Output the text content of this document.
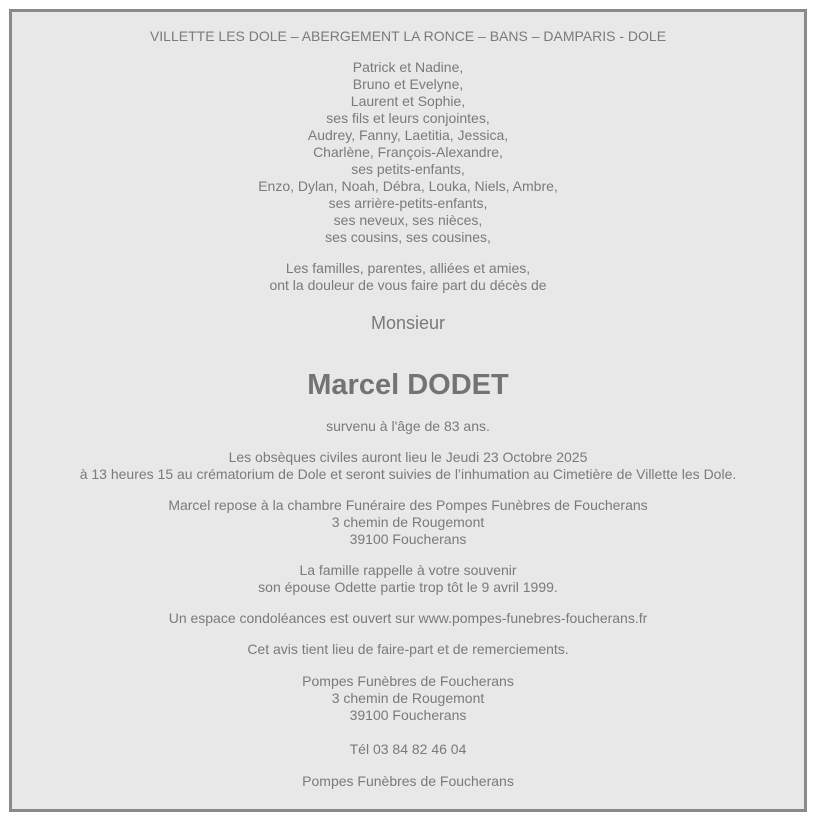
VILLETTE LES DOLE – ABERGEMENT LA RONCE – BANS – DAMPARIS - DOLE
Patrick et Nadine,
Bruno et Evelyne,
Laurent et Sophie,
ses fils et leurs conjointes,
Audrey, Fanny, Laetitia, Jessica,
Charlène, François-Alexandre,
ses petits-enfants,
Enzo, Dylan, Noah, Débra, Louka, Niels, Ambre,
ses arrière-petits-enfants,
ses neveux, ses nièces,
ses cousins, ses cousines,
Les familles, parentes, alliées et amies,
ont la douleur de vous faire part du décès de
Monsieur
Marcel DODET
survenu à l'âge de 83 ans.
Les obsèques civiles auront lieu le Jeudi 23 Octobre 2025
à 13 heures 15 au crématorium de Dole et seront suivies de l’inhumation au Cimetière de Villette les Dole.
Marcel repose à la chambre Funéraire des Pompes Funèbres de Foucherans
3 chemin de Rougemont
39100 Foucherans
La famille rappelle à votre souvenir
son épouse Odette partie trop tôt le 9 avril 1999.
Un espace condoléances est ouvert sur www.pompes-funebres-foucherans.fr
Cet avis tient lieu de faire-part et de remerciements.
Pompes Funèbres de Foucherans
3 chemin de Rougemont
39100 Foucherans
Tél 03 84 82 46 04
Pompes Funèbres de Foucherans
